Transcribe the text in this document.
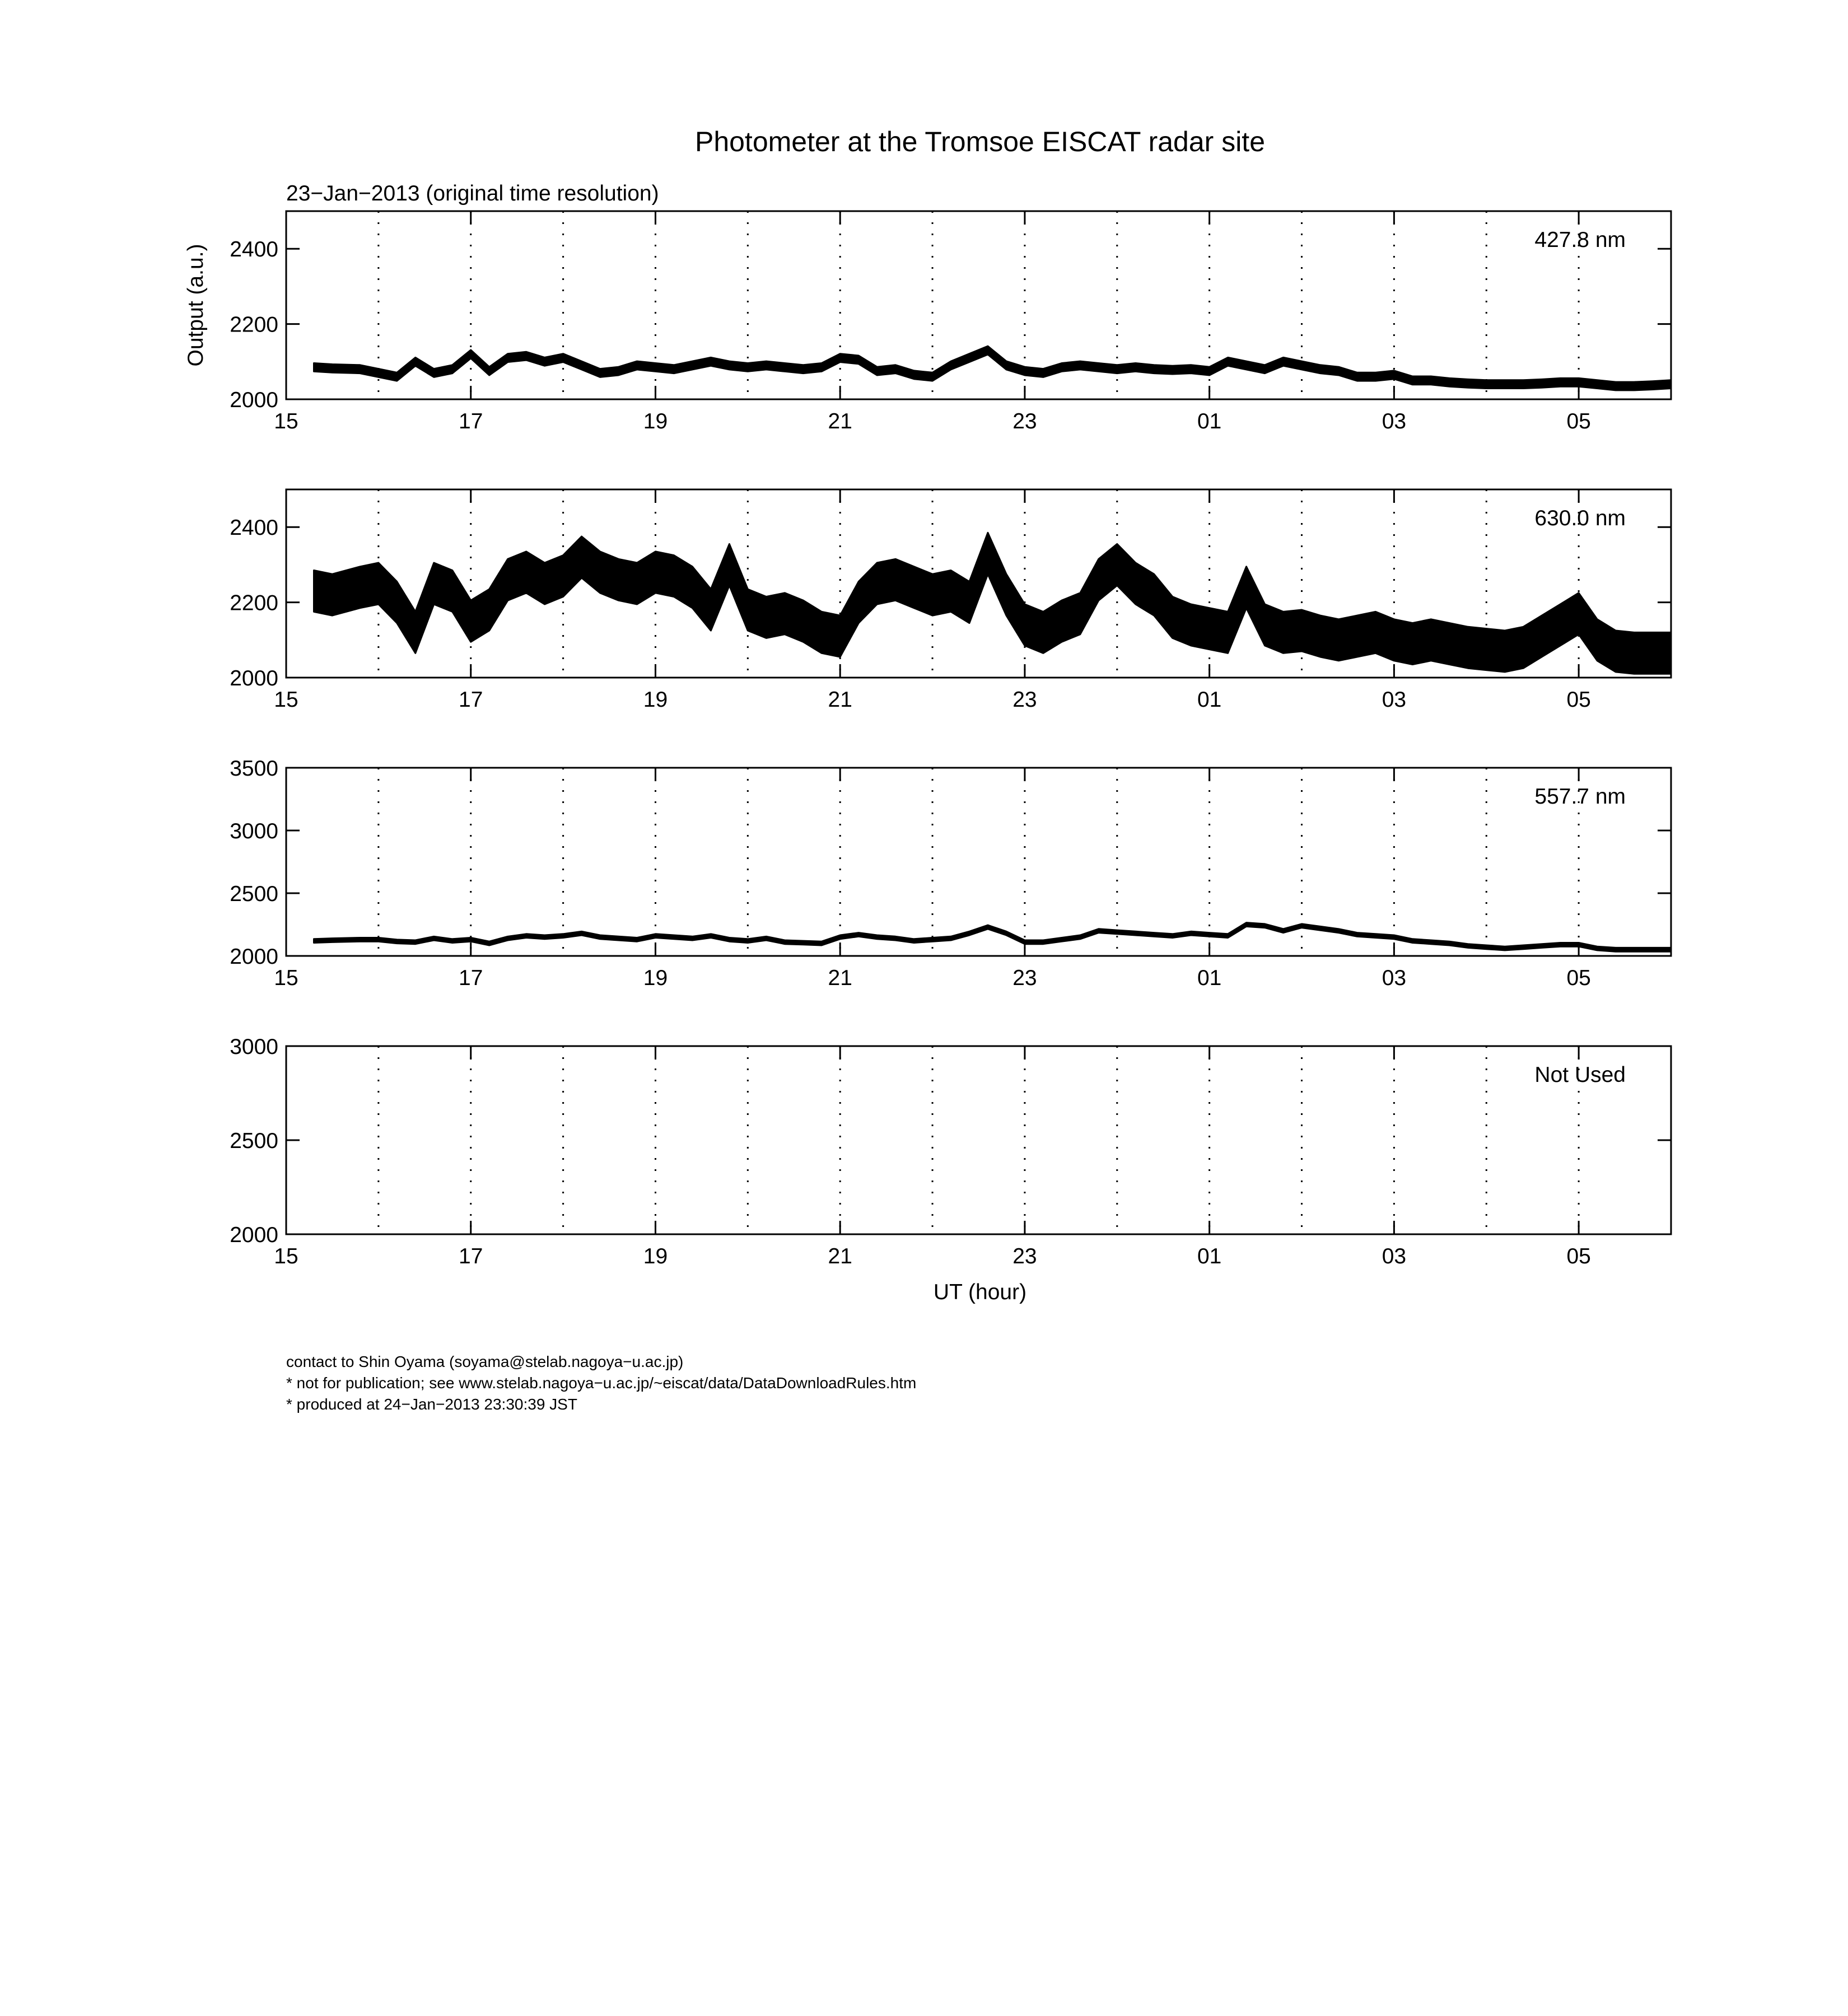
Photometer at the Tromsoe EISCAT radar site
23−Jan−2013 (original time resolution)
Output (a.u.)
UT (hour)
2000
2200
2400
15	17	19	21	23	01	03	05
427.8 nm
2000
2200
2400
15	17	19	21	23	01	03	05
630.0 nm
2000
2500
3000
3500
15	17	19	21	23	01	03	05
557.7 nm
2000
2500
3000
15	17	19	21	23	01	03	05
Not Used
contact to Shin Oyama (soyama@stelab.nagoya−u.ac.jp)
* not for publication; see www.stelab.nagoya−u.ac.jp/~eiscat/data/DataDownloadRules.htm
* produced at 24−Jan−2013 23:30:39 JST
